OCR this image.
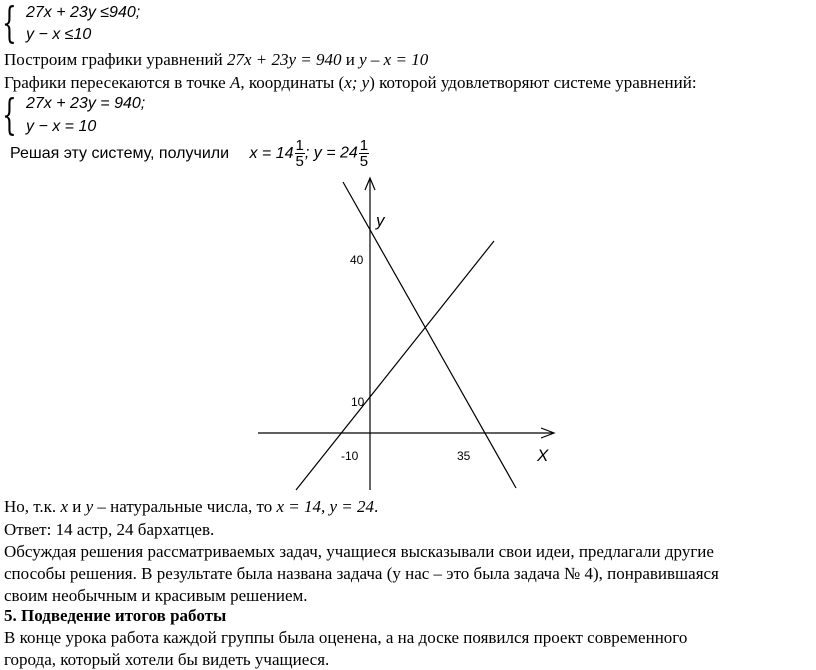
{ 27x + 23y ≤940;
y − x ≤10
Построим графики уравнений 27x + 23y = 940 и y – x = 10
Графики пересекаются в точке A, координаты (x; y) которой удовлетворяют системе уравнений:
{ 27x + 23y = 940;
y − x = 10
Решая эту систему, получили $x = 14 \frac{1}{5}$ ; $y = 24 \frac{1}{5}$
y
X
40
10
-10	35
Но, т.к. x и y – натуральные числа, то x = 14, y = 24.
Ответ: 14 астр, 24 бархатцев.
Обсуждая решения рассматриваемых задач, учащиеся высказывали свои идеи, предлагали другие
способы решения. В результате была названа задача (у нас – это была задача № 4), понравившаяся
своим необычным и красивым решением.
5. Подведение итогов работы
В конце урока работа каждой группы была оценена, а на доске появился проект современного
города, который хотели бы видеть учащиеся.
